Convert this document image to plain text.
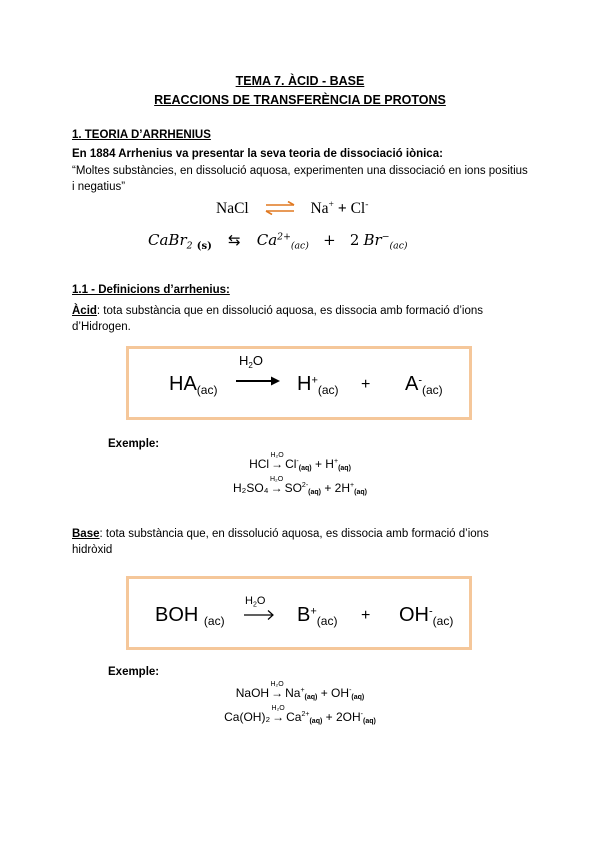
TEMA 7. ÀCID - BASE
REACCIONS DE TRANSFERÈNCIA DE PROTONS
1. TEORIA D’ARRHENIUS
En 1884 Arrhenius va presentar la seva teoria de dissociació iònica:
“Moltes substàncies, en dissolució aquosa, experimenten una dissociació en ions positius i negatius”
NaCl ⇌ Na+ + Cl-
CaBr$_2$ $_{(s)}$ ⇆ $Ca^{2+}_{(ac)} + 2$ $Br^-_{(ac)}$
1.1 - Definicions d’arrhenius:
Àcid: tota substància que en dissolució aquosa, es dissocia amb formació d’ions d’Hidrogen.
$HA_{(ac)}$
$H_2O$
$H^+_{(ac)} + A^-_{(ac)}$
Exemple:
HCl
H₂O
→ Cl-(aq) + H+(aq)
H₂SO₄
H₂O
→ $SO^{2-}(aq) + 2H^+(aq)$
Base: tota substància que, en dissolució aquosa, es dissocia amb formació d’ions hidròxid
BOH $_{(ac)}$
$H_2O$
$B^+_{(ac)} + OH^-_{(ac)}$
Exemple:
NaOH
H₂O
→ Na+(aq) + OH-(aq)
Ca(OH)₂
H₂O
→ $Ca^{2+}(aq) + 2OH^-(aq)$
